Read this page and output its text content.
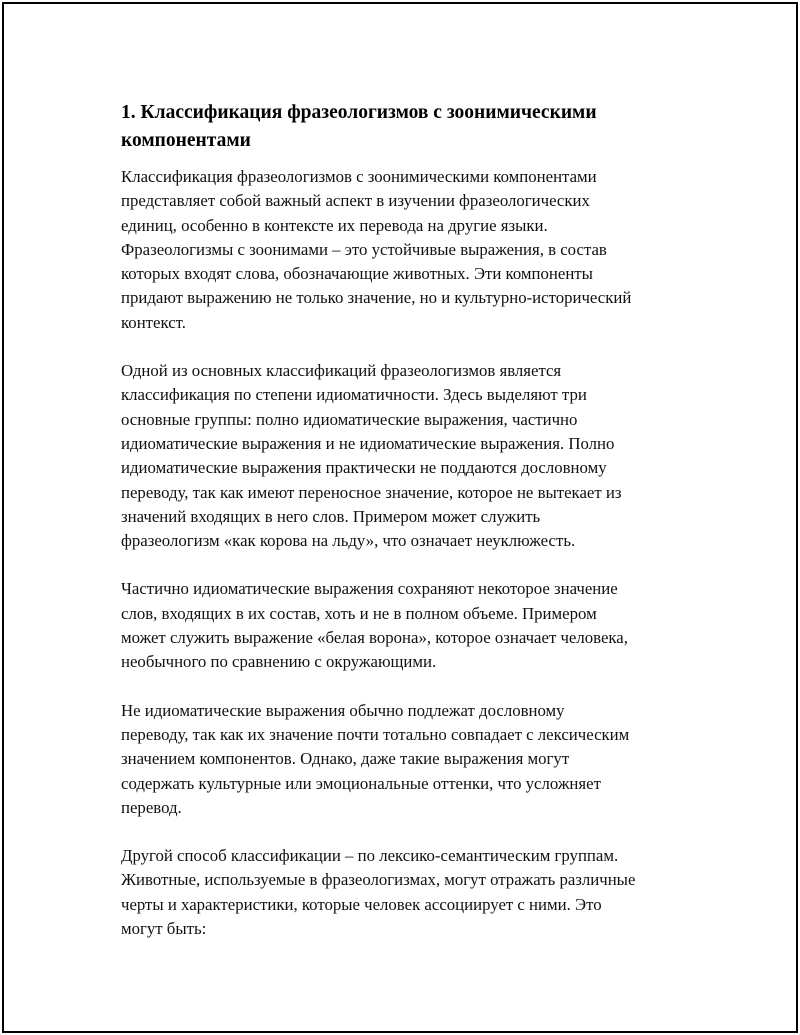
1. Классификация фразеологизмов с зоонимическими
компонентами

Классификация фразеологизмов с зоонимическими компонентами
представляет собой важный аспект в изучении фразеологических
единиц, особенно в контексте их перевода на другие языки.
Фразеологизмы с зоонимами – это устойчивые выражения, в состав
которых входят слова, обозначающие животных. Эти компоненты
придают выражению не только значение, но и культурно-исторический
контекст.

Одной из основных классификаций фразеологизмов является
классификация по степени идиоматичности. Здесь выделяют три
основные группы: полно идиоматические выражения, частично
идиоматические выражения и не идиоматические выражения. Полно
идиоматические выражения практически не поддаются дословному
переводу, так как имеют переносное значение, которое не вытекает из
значений входящих в него слов. Примером может служить
фразеологизм «как корова на льду», что означает неуклюжесть.

Частично идиоматические выражения сохраняют некоторое значение
слов, входящих в их состав, хоть и не в полном объеме. Примером
может служить выражение «белая ворона», которое означает человека,
необычного по сравнению с окружающими.

Не идиоматические выражения обычно подлежат дословному
переводу, так как их значение почти тотально совпадает с лексическим
значением компонентов. Однако, даже такие выражения могут
содержать культурные или эмоциональные оттенки, что усложняет
перевод.

Другой способ классификации – по лексико-семантическим группам.
Животные, используемые в фразеологизмах, могут отражать различные
черты и характеристики, которые человек ассоциирует с ними. Это
могут быть:
